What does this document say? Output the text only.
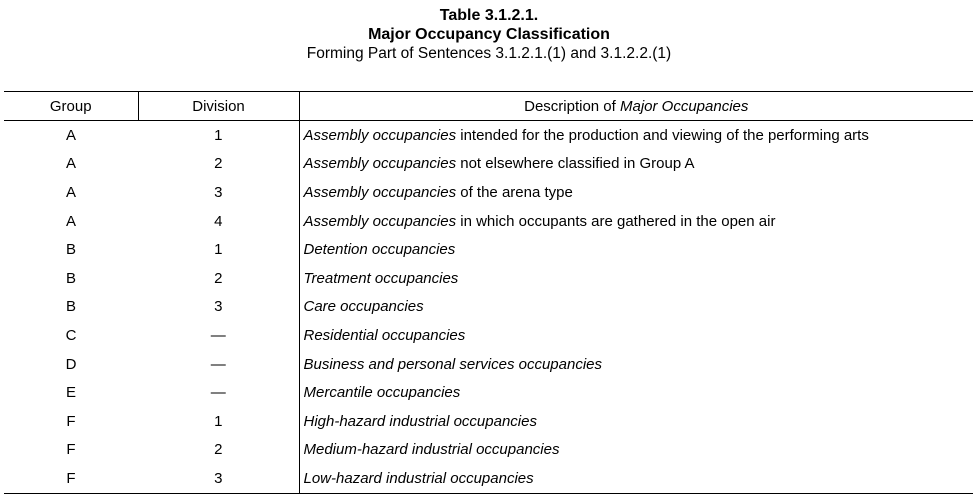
Table 3.1.2.1.
Major Occupancy Classification
Forming Part of Sentences 3.1.2.1.(1) and 3.1.2.2.(1)
Group	Division	Description of Major Occupancies
A	1	Assembly occupancies intended for the production and viewing of the performing arts
A	2	Assembly occupancies not elsewhere classified in Group A
A	3	Assembly occupancies of the arena type
A	4	Assembly occupancies in which occupants are gathered in the open air
B	1	Detention occupancies
B	2	Treatment occupancies
B	3	Care occupancies
C	—	Residential occupancies
D	—	Business and personal services occupancies
E	—	Mercantile occupancies
F	1	High-hazard industrial occupancies
F	2	Medium-hazard industrial occupancies
F	3	Low-hazard industrial occupancies
